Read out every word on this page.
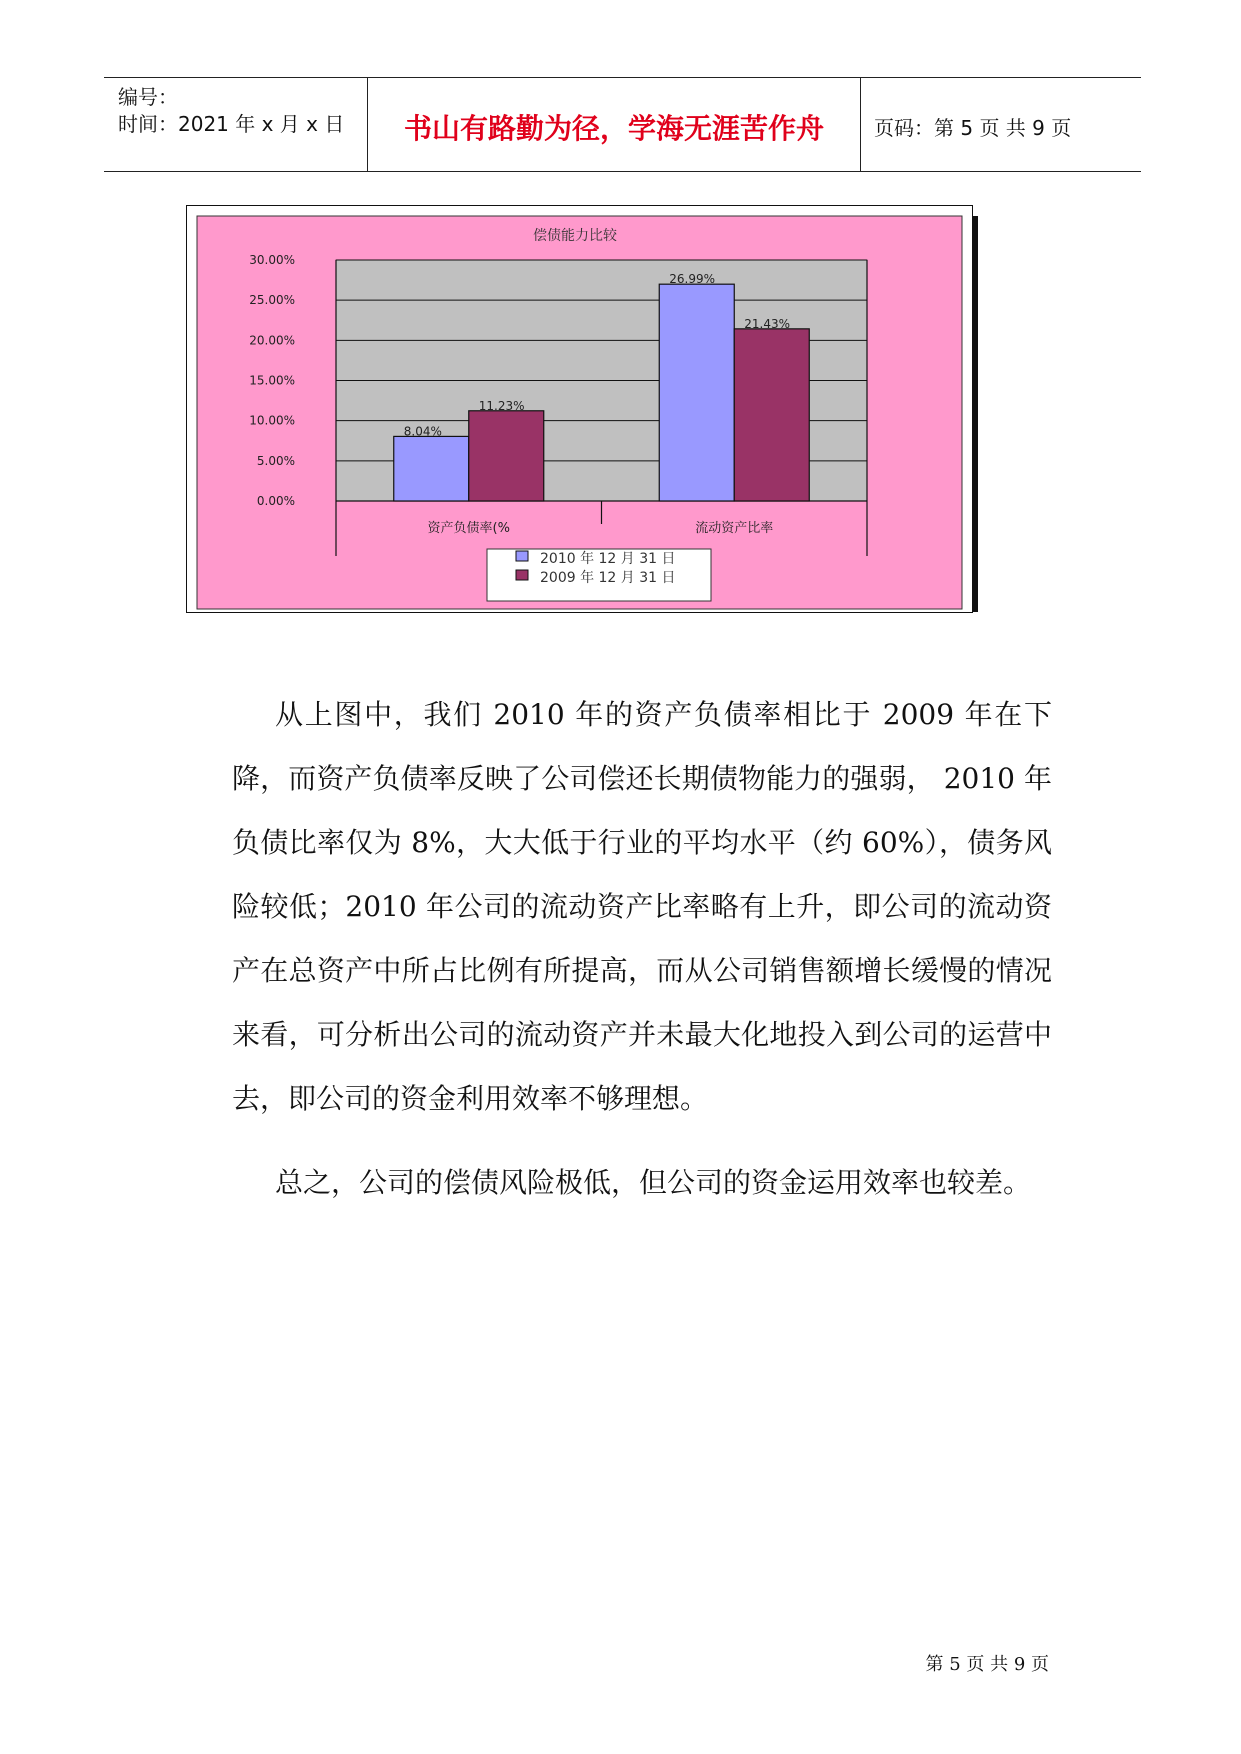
编号：
时间：2021 年 x 月 x 日	书山有路勤为径，学海无涯苦作舟	页码：第 5 页 共 9 页
偿债能力比较
0.00%
5.00%
10.00%
15.00%
20.00%
25.00%
30.00%
8.04%
11.23%
资产负债率(%
26.99%
21.43%
流动资产比率
2010 年 12 月 31 日
2009 年 12 月 31 日

从上图中，我们 2010 年的资产负债率相比于 2009 年在下降，而资产负债率反映了公司偿还长期债物能力的强弱， 2010 年负债比率仅为 8%，大大低于行业的平均水平（约 60%），债务风险较低；2010 年公司的流动资产比率略有上升，即公司的流动资产在总资产中所占比例有所提高，而从公司销售额增长缓慢的情况来看，可分析出公司的流动资产并未最大化地投入到公司的运营中去，即公司的资金利用效率不够理想。

总之，公司的偿债风险极低，但公司的资金运用效率也较差。

第 5 页 共 9 页
